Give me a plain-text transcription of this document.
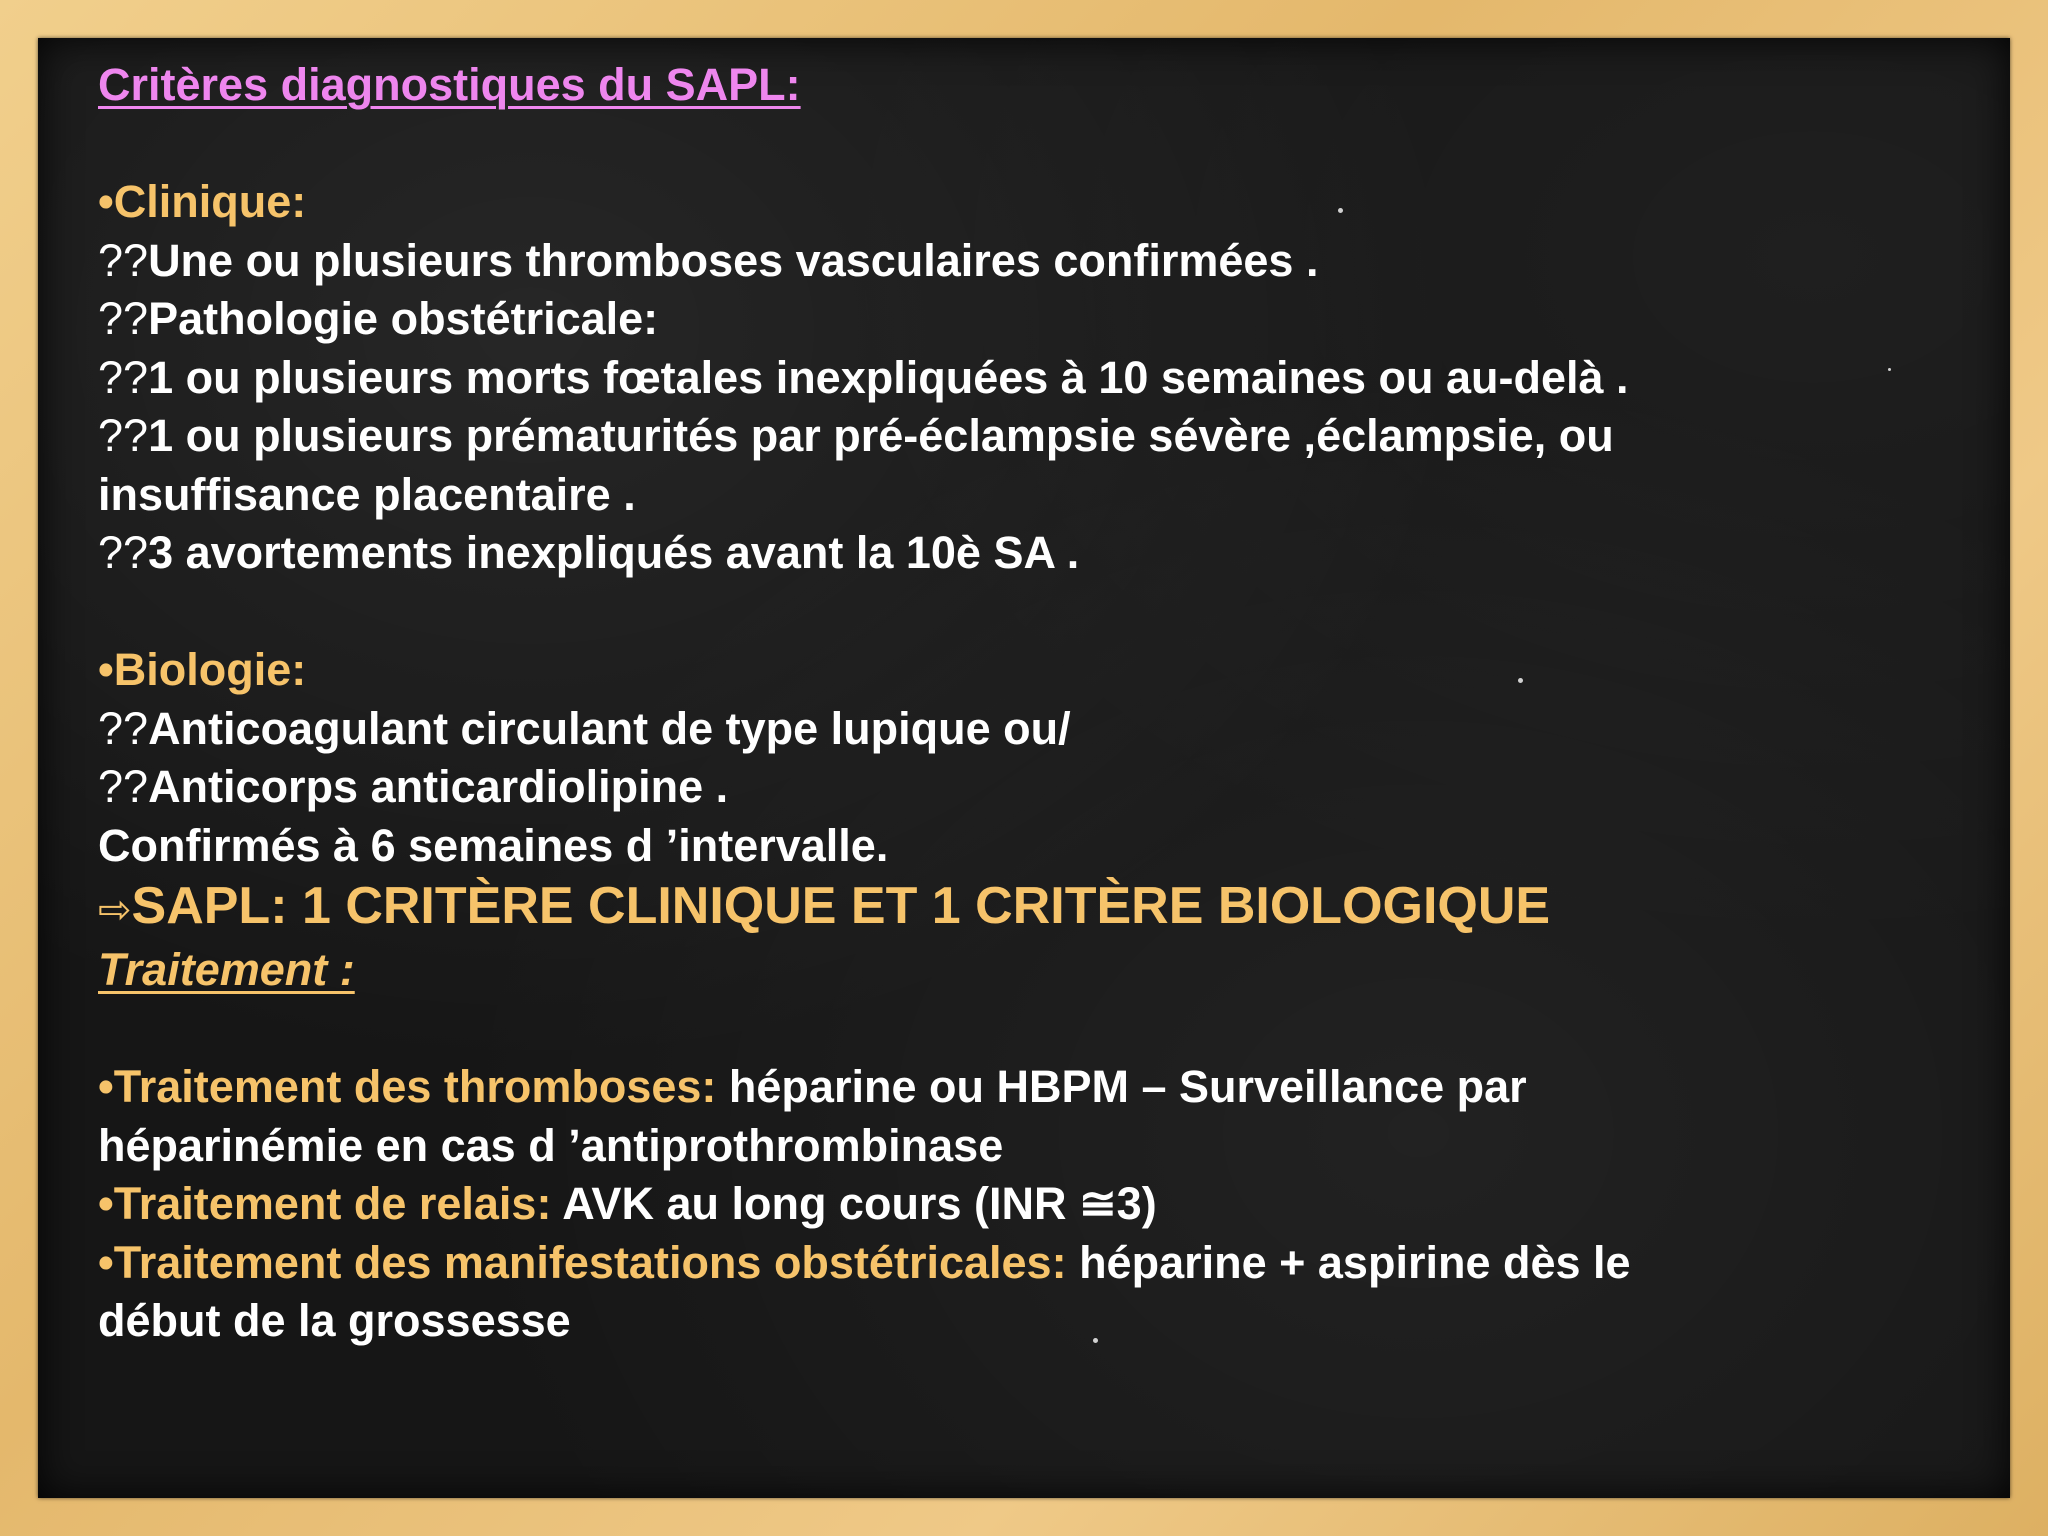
Critères diagnostiques du SAPL:
•Clinique:
??Une ou plusieurs thromboses vasculaires confirmées .
??Pathologie obstétricale:
??1 ou plusieurs morts fœtales inexpliquées à 10 semaines ou au-delà .
??1 ou plusieurs prématurités par pré-éclampsie sévère ,éclampsie, ou
insuffisance placentaire .
??3 avortements inexpliqués avant la 10è SA .
•Biologie:
??Anticoagulant circulant de type lupique ou/
??Anticorps anticardiolipine .
Confirmés à 6 semaines d ’intervalle.
⇨SAPL: 1 CRITÈRE CLINIQUE ET 1 CRITÈRE BIOLOGIQUE
Traitement :
•Traitement des thromboses: héparine ou HBPM – Surveillance par
héparinémie en cas d ’antiprothrombinase
•Traitement de relais: AVK au long cours (INR ≅3)
•Traitement des manifestations obstétricales: héparine + aspirine dès le
début de la grossesse
